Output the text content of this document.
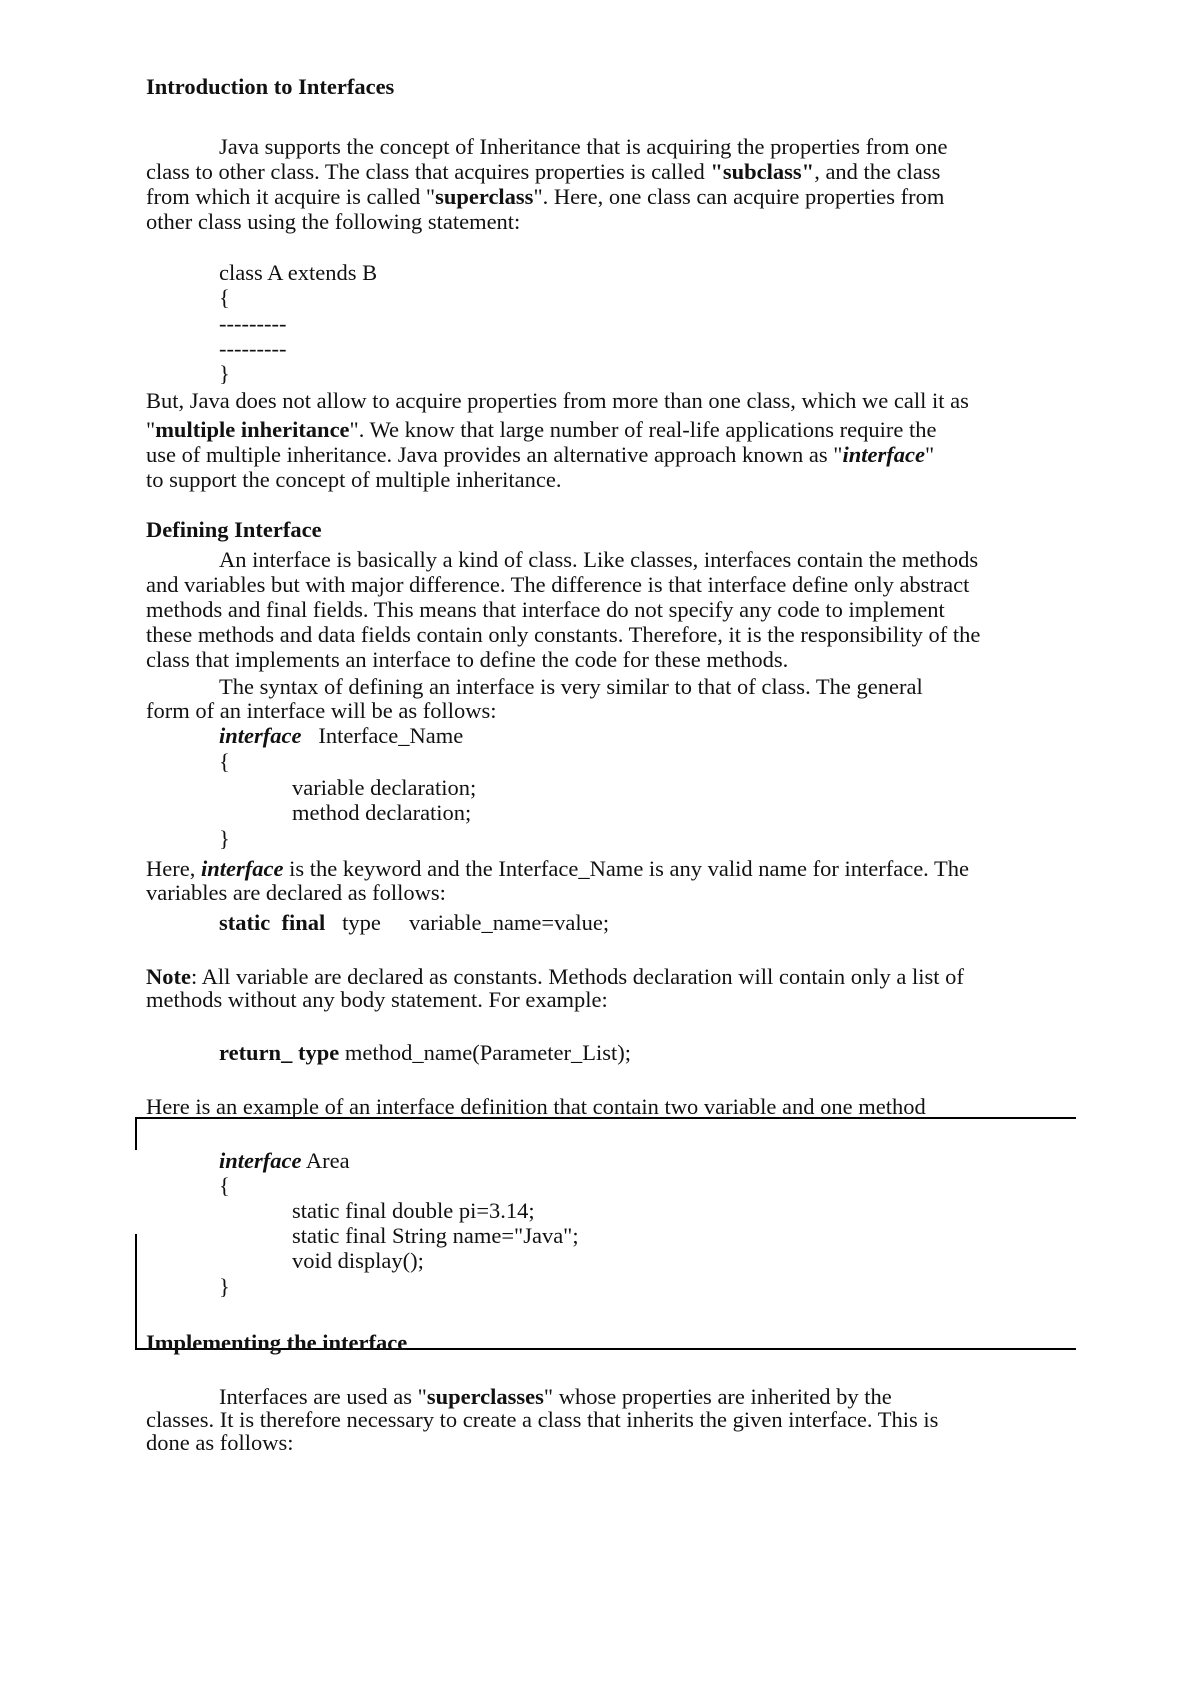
Introduction to Interfaces

Java supports the concept of Inheritance that is acquiring the properties from one

class to other class. The class that acquires properties is called "subclass", and the class

from which it acquire is called "superclass". Here, one class can acquire properties from

other class using the following statement:

class A extends B

{

---------

---------

}

But, Java does not allow to acquire properties from more than one class, which we call it as

"multiple inheritance". We know that large number of real-life applications require the

use of multiple inheritance. Java provides an alternative approach known as "interface"

to support the concept of multiple inheritance.

Defining Interface

An interface is basically a kind of class. Like classes, interfaces contain the methods

and variables but with major difference. The difference is that interface define only abstract

methods and final fields. This means that interface do not specify any code to implement

these methods and data fields contain only constants. Therefore, it is the responsibility of the

class that implements an interface to define the code for these methods.

The syntax of defining an interface is very similar to that of class. The general

form of an interface will be as follows:

interface Interface_Name

{

variable declaration;

method declaration;

}

Here, interface is the keyword and the Interface_Name is any valid name for interface. The

variables are declared as follows:

static  final type     variable_name=value;

Note: All variable are declared as constants. Methods declaration will contain only a list of

methods without any body statement. For example:

return_ type method_name(Parameter_List);

Here is an example of an interface definition that contain two variable and one method

interface Area

{

static final double pi=3.14;

static final String name="Java";

void display();

}

Implementing the interface

Interfaces are used as "superclasses" whose properties are inherited by the

classes. It is therefore necessary to create a class that inherits the given interface. This is

done as follows:
